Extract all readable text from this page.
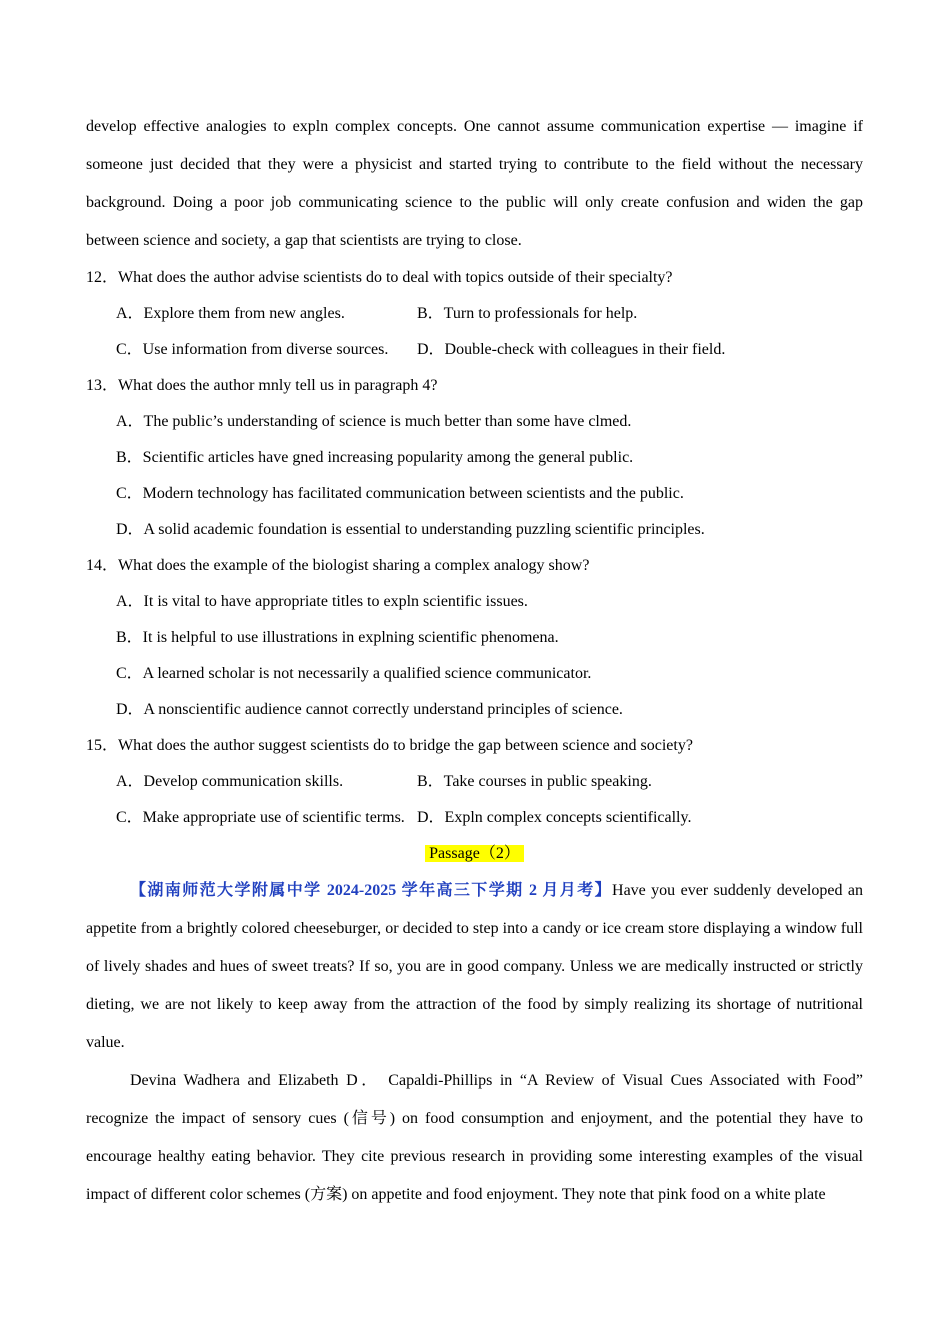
develop effective analogies to expln complex concepts. One cannot assume communication expertise — imagine if someone just decided that they were a physicist and started trying to contribute to the field without the necessary background. Doing a poor job communicating science to the public will only create confusion and widen the gap between science and society, a gap that scientists are trying to close.

12．What does the author advise scientists do to deal with topics outside of their specialty?

A．Explore them from new angles.	B．Turn to professionals for help.
C．Use information from diverse sources.	D．Double-check with colleagues in their field.

13．What does the author mnly tell us in paragraph 4?

A．The public’s understanding of science is much better than some have clmed.

B．Scientific articles have gned increasing popularity among the general public.

C．Modern technology has facilitated communication between scientists and the public.

D．A solid academic foundation is essential to understanding puzzling scientific principles.

14．What does the example of the biologist sharing a complex analogy show?

A．It is vital to have appropriate titles to expln scientific issues.

B．It is helpful to use illustrations in explning scientific phenomena.

C．A learned scholar is not necessarily a qualified science communicator.

D．A nonscientific audience cannot correctly understand principles of science.

15．What does the author suggest scientists do to bridge the gap between science and society?

A．Develop communication skills.	B．Take courses in public speaking.
C．Make appropriate use of scientific terms. D．Expln complex concepts scientifically.
Passage（2）

【湖南师范大学附属中学 2024-2025 学年高三下学期 2 月月考】Have you ever suddenly developed an appetite from a brightly colored cheeseburger, or decided to step into a candy or ice cream store displaying a window full of lively shades and hues of sweet treats? If so, you are in good company. Unless we are medically instructed or strictly dieting, we are not likely to keep away from the attraction of the food by simply realizing its shortage of nutritional value.

Devina Wadhera and Elizabeth D． Capaldi-Phillips in “A Review of Visual Cues Associated with Food” recognize the impact of sensory cues (信号) on food consumption and enjoyment, and the potential they have to encourage healthy eating behavior. They cite previous research in providing some interesting examples of the visual impact of different color schemes (方案) on appetite and food enjoyment. They note that pink food on a white plate
